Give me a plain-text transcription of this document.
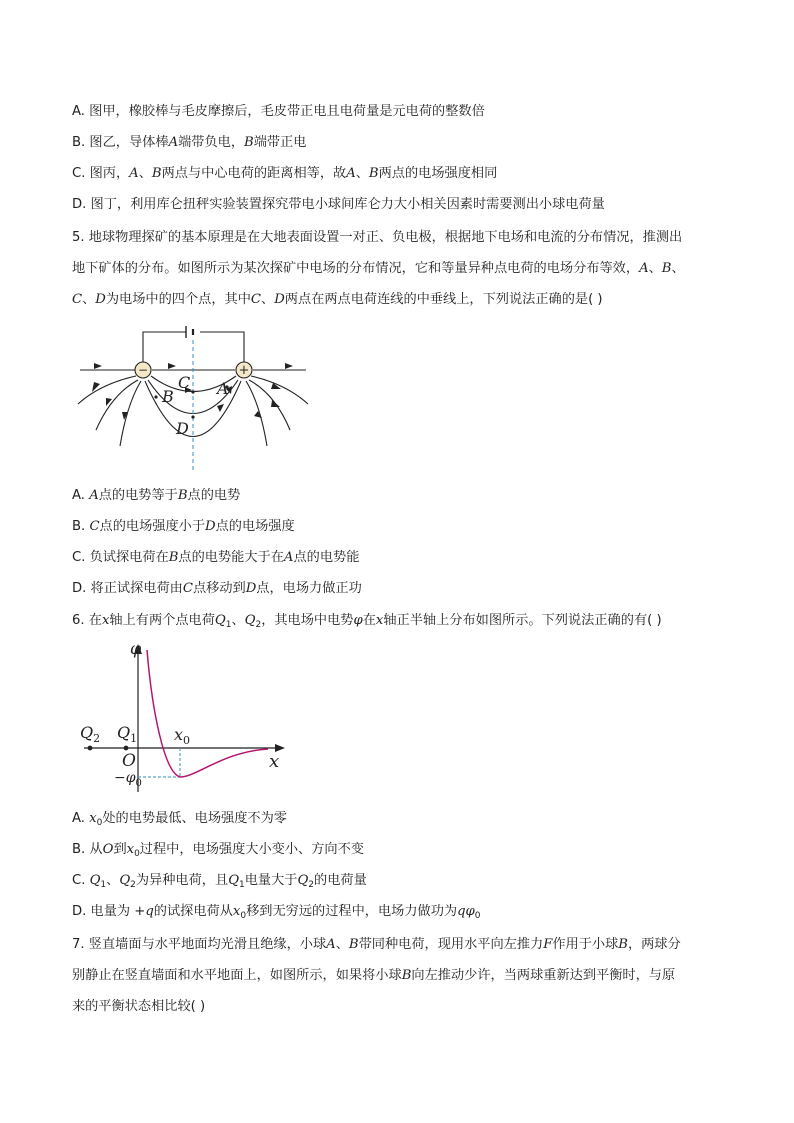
A. 图甲，橡胶棒与毛皮摩擦后，毛皮带正电且电荷量是元电荷的整数倍
B. 图乙，导体棒A端带负电，B端带正电
C. 图丙，A、B两点与中心电荷的距离相等，故A、B两点的电场强度相同
D. 图丁，利用库仑扭秤实验装置探究带电小球间库仑力大小相关因素时需要测出小球电荷量
5. 地球物理探矿的基本原理是在大地表面设置一对正、负电极，根据地下电场和电流的分布情况，推测出
地下矿体的分布。如图所示为某次探矿中电场的分布情况，它和等量异种点电荷的电场分布等效，A、B、
C、D为电场中的四个点，其中C、D两点在两点电荷连线的中垂线上，下列说法正确的是( )
−	+
C
B	A
D
A. A点的电势等于B点的电势
B. C点的电场强度小于D点的电场强度
C. 负试探电荷在B点的电势能大于在A点的电势能
D. 将正试探电荷由C点移动到D点，电场力做正功
6. 在x轴上有两个点电荷$Q_1$、$Q_2$，其电场中电势φ在x轴正半轴上分布如图所示。下列说法正确的有( )
φ
x
O
$Q_2$ $Q_1$ $x_0$
$-\varphi_0$
A. $x_0$处的电势最低、电场强度不为零
B. 从O到$x_0$过程中，电场强度大小变小、方向不变
C. $Q_1$、$Q_2$为异种电荷，且$Q_1$电量大于$Q_2$的电荷量
D. 电量为 +q的试探电荷从$x_0$移到无穷远的过程中，电场力做功为$q\varphi_0$
7. 竖直墙面与水平地面均光滑且绝缘，小球A、B带同种电荷，现用水平向左推力F作用于小球B，两球分
别静止在竖直墙面和水平地面上，如图所示，如果将小球B向左推动少许，当两球重新达到平衡时，与原
来的平衡状态相比较( )
